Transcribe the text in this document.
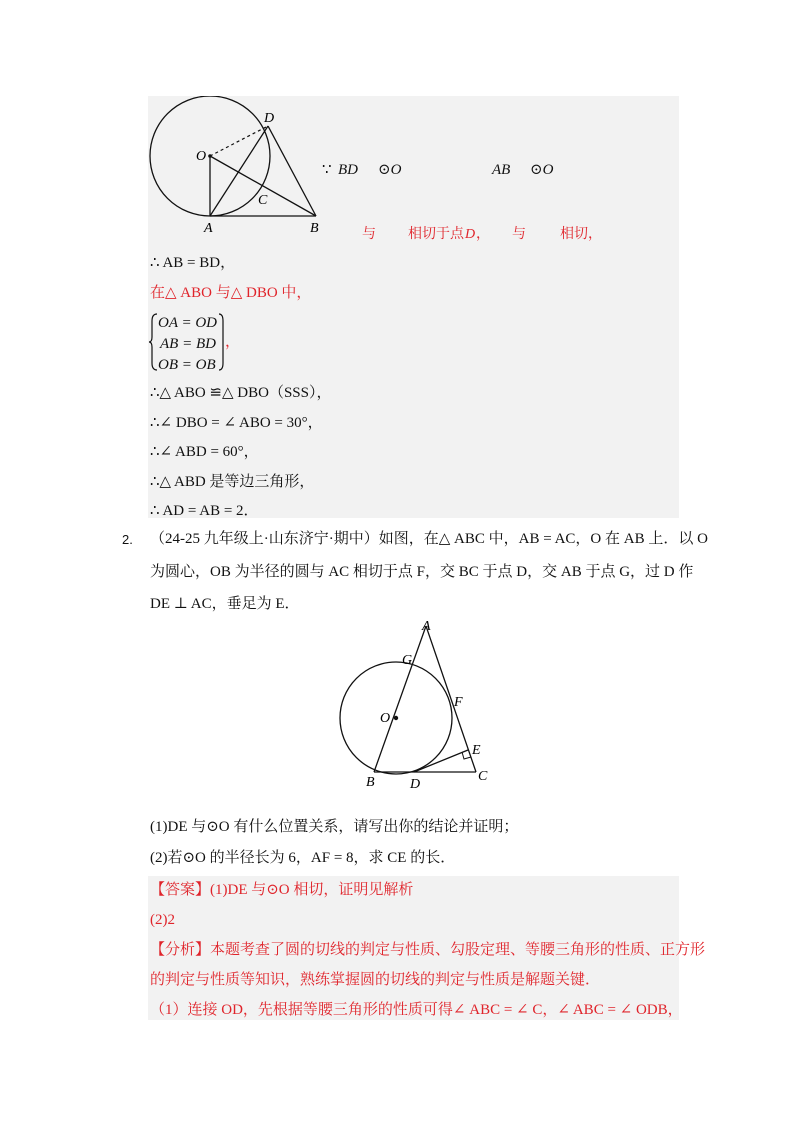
D
O
C
A	B
∵ BD ⊙O	AB ⊙O
与 相切于点 D ， 与 相切，
∴ AB = BD，
在△ ABO 与△ DBO 中，
OA = OD
AB = BD
OB = OB
，
∴△ ABO ≌△ DBO（SSS），
∴∠ DBO = ∠ ABO = 30°，
∴∠ ABD = 60°，
∴△ ABD 是等边三角形，
∴ AD = AB = 2．
2. （24-25 九年级上·山东济宁·期中）如图，在△ ABC 中，AB = AC，O 在 AB 上．以 O
为圆心，OB 为半径的圆与 AC 相切于点 F，交 BC 于点 D，交 AB 于点 G，过 D 作
DE ⊥ AC，垂足为 E．
A
G
F
O
E
B	D
C
(1)DE 与⊙O 有什么位置关系，请写出你的结论并证明；
(2)若⊙O 的半径长为 6，AF = 8，求 CE 的长．
【答案】(1)DE 与⊙O 相切，证明见解析
(2)2
【分析】本题考查了圆的切线的判定与性质、勾股定理、等腰三角形的性质、正方形
的判定与性质等知识，熟练掌握圆的切线的判定与性质是解题关键．
（1）连接 OD，先根据等腰三角形的性质可得∠ ABC = ∠ C，∠ ABC = ∠ ODB，
